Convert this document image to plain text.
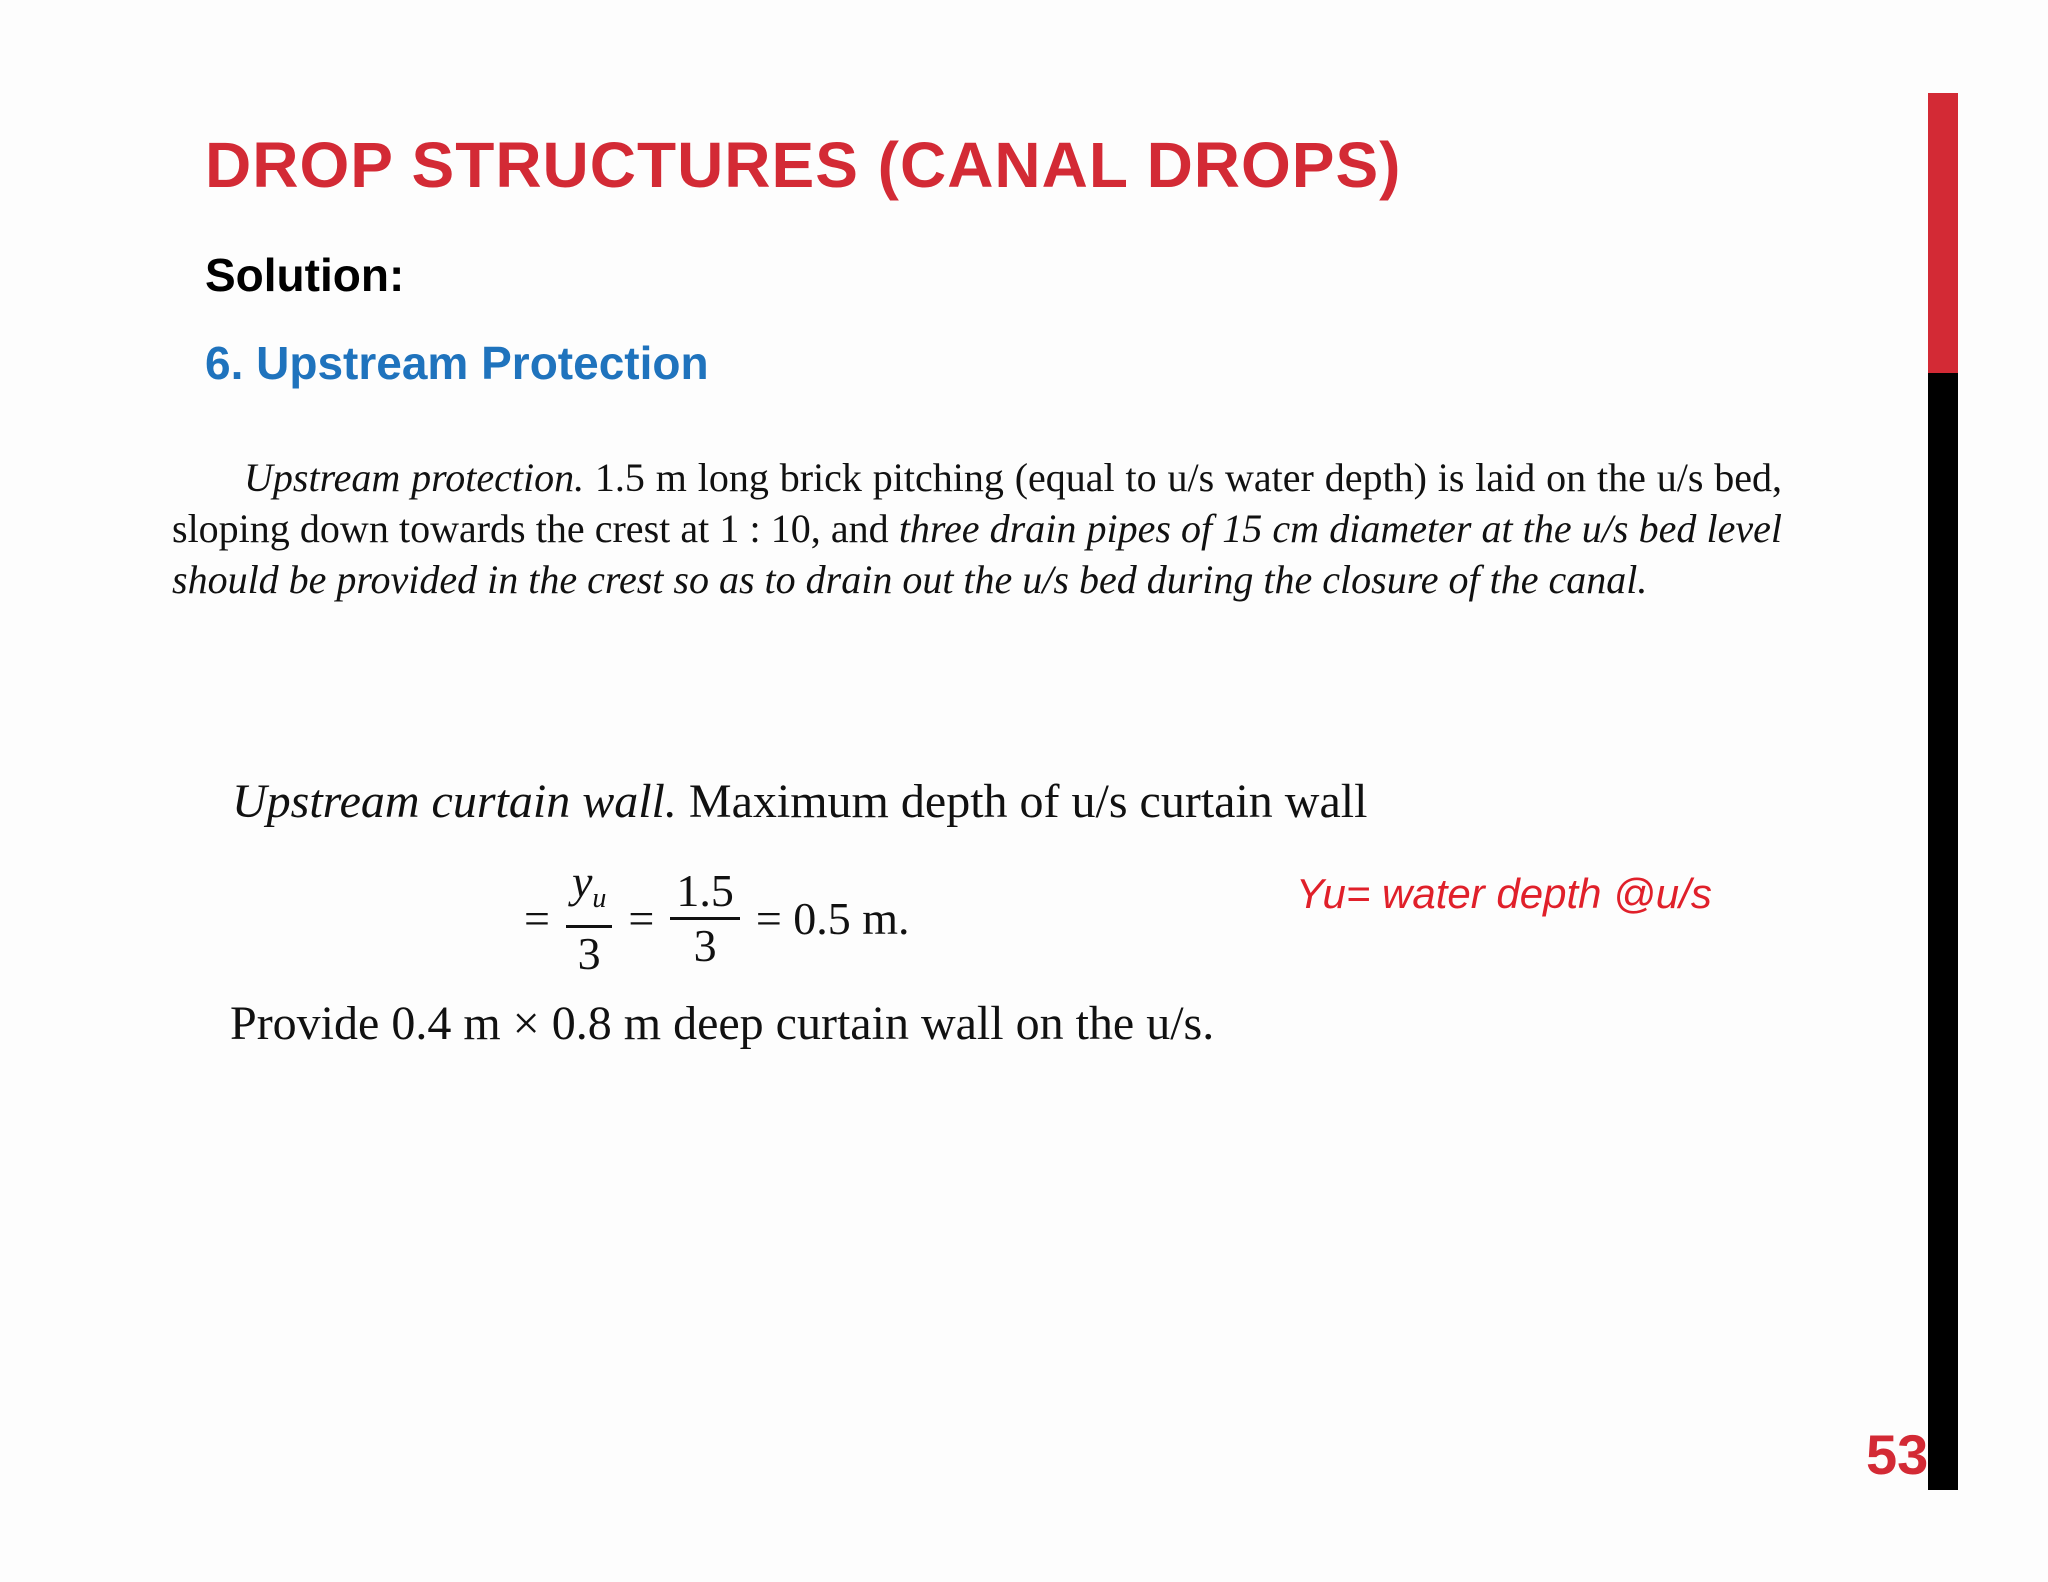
DROP STRUCTURES (CANAL DROPS)
Solution:
6. Upstream Protection
Upstream protection. 1.5 m long brick pitching (equal to u/s water depth) is laid on the u/s bed, sloping down towards the crest at 1 : 10, and three drain pipes of 15 cm diameter at the u/s bed level should be provided in the crest so as to drain out the u/s bed during the closure of the canal.
Upstream curtain wall. Maximum depth of u/s curtain wall
= $\frac{y_u}{3} = \frac{1.5}{3} = 0.5$ m.	Yu= water depth @u/s
Provide 0.4 m × 0.8 m deep curtain wall on the u/s.
53
